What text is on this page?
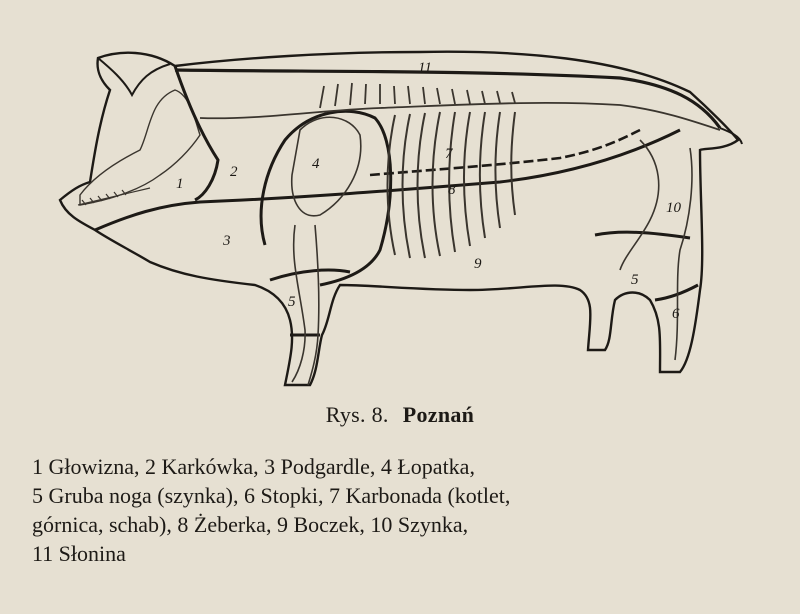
1
2
3
4
5
5
6
7
8
9
10
11
Rys. 8. Poznań
1 Głowizna, 2 Karkówka, 3 Podgardle, 4 Łopatka,
5 Gruba noga (szynka), 6 Stopki, 7 Karbonada (kotlet,
górnica, schab), 8 Żeberka, 9 Boczek, 10 Szynka,
11 Słonina
